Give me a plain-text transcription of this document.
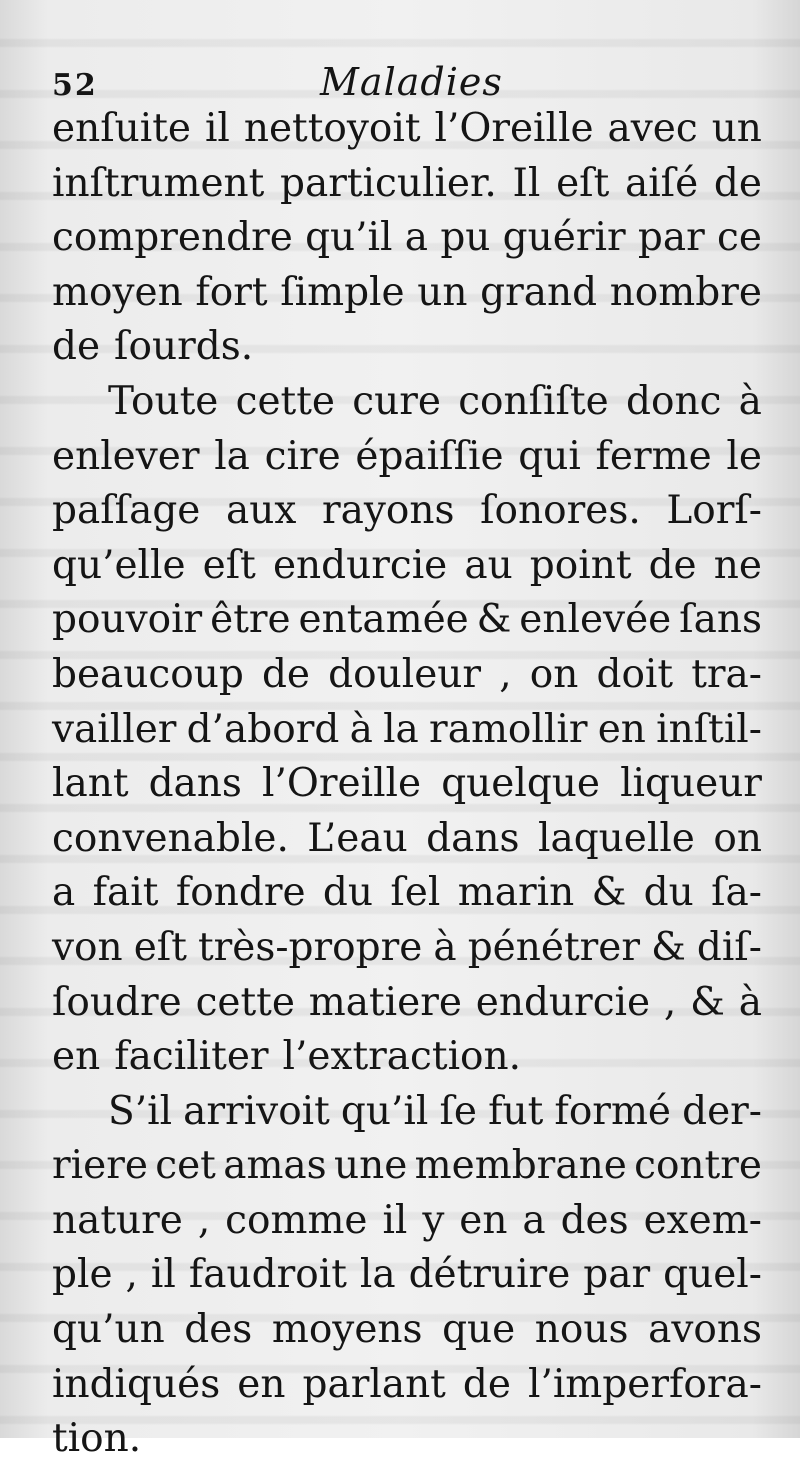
52	Maladies
enſuite il nettoyoit l’Oreille avec un
inſtrument particulier. Il eſt aiſé de
comprendre qu’il a pu guérir par ce
moyen fort ſimple un grand nombre
de ſourds.
Toute cette cure conſiſte donc à
enlever la cire épaiſſie qui ferme le
paſſage aux rayons ſonores. Lorſ-
qu’elle eſt endurcie au point de ne
pouvoir être entamée & enlevée ſans
beaucoup de douleur , on doit tra-
vailler d’abord à la ramollir en inſtil-
lant dans l’Oreille quelque liqueur
convenable. L’eau dans laquelle on
a fait fondre du ſel marin & du ſa-
von eſt très-propre à pénétrer & diſ-
ſoudre cette matiere endurcie , & à
en faciliter l’extraction.
S’il arrivoit qu’il ſe fut formé der-
riere cet amas une membrane contre
nature , comme il y en a des exem-
ple , il faudroit la détruire par quel-
qu’un des moyens que nous avons
indiqués en parlant de l’imperfora-
tion.
